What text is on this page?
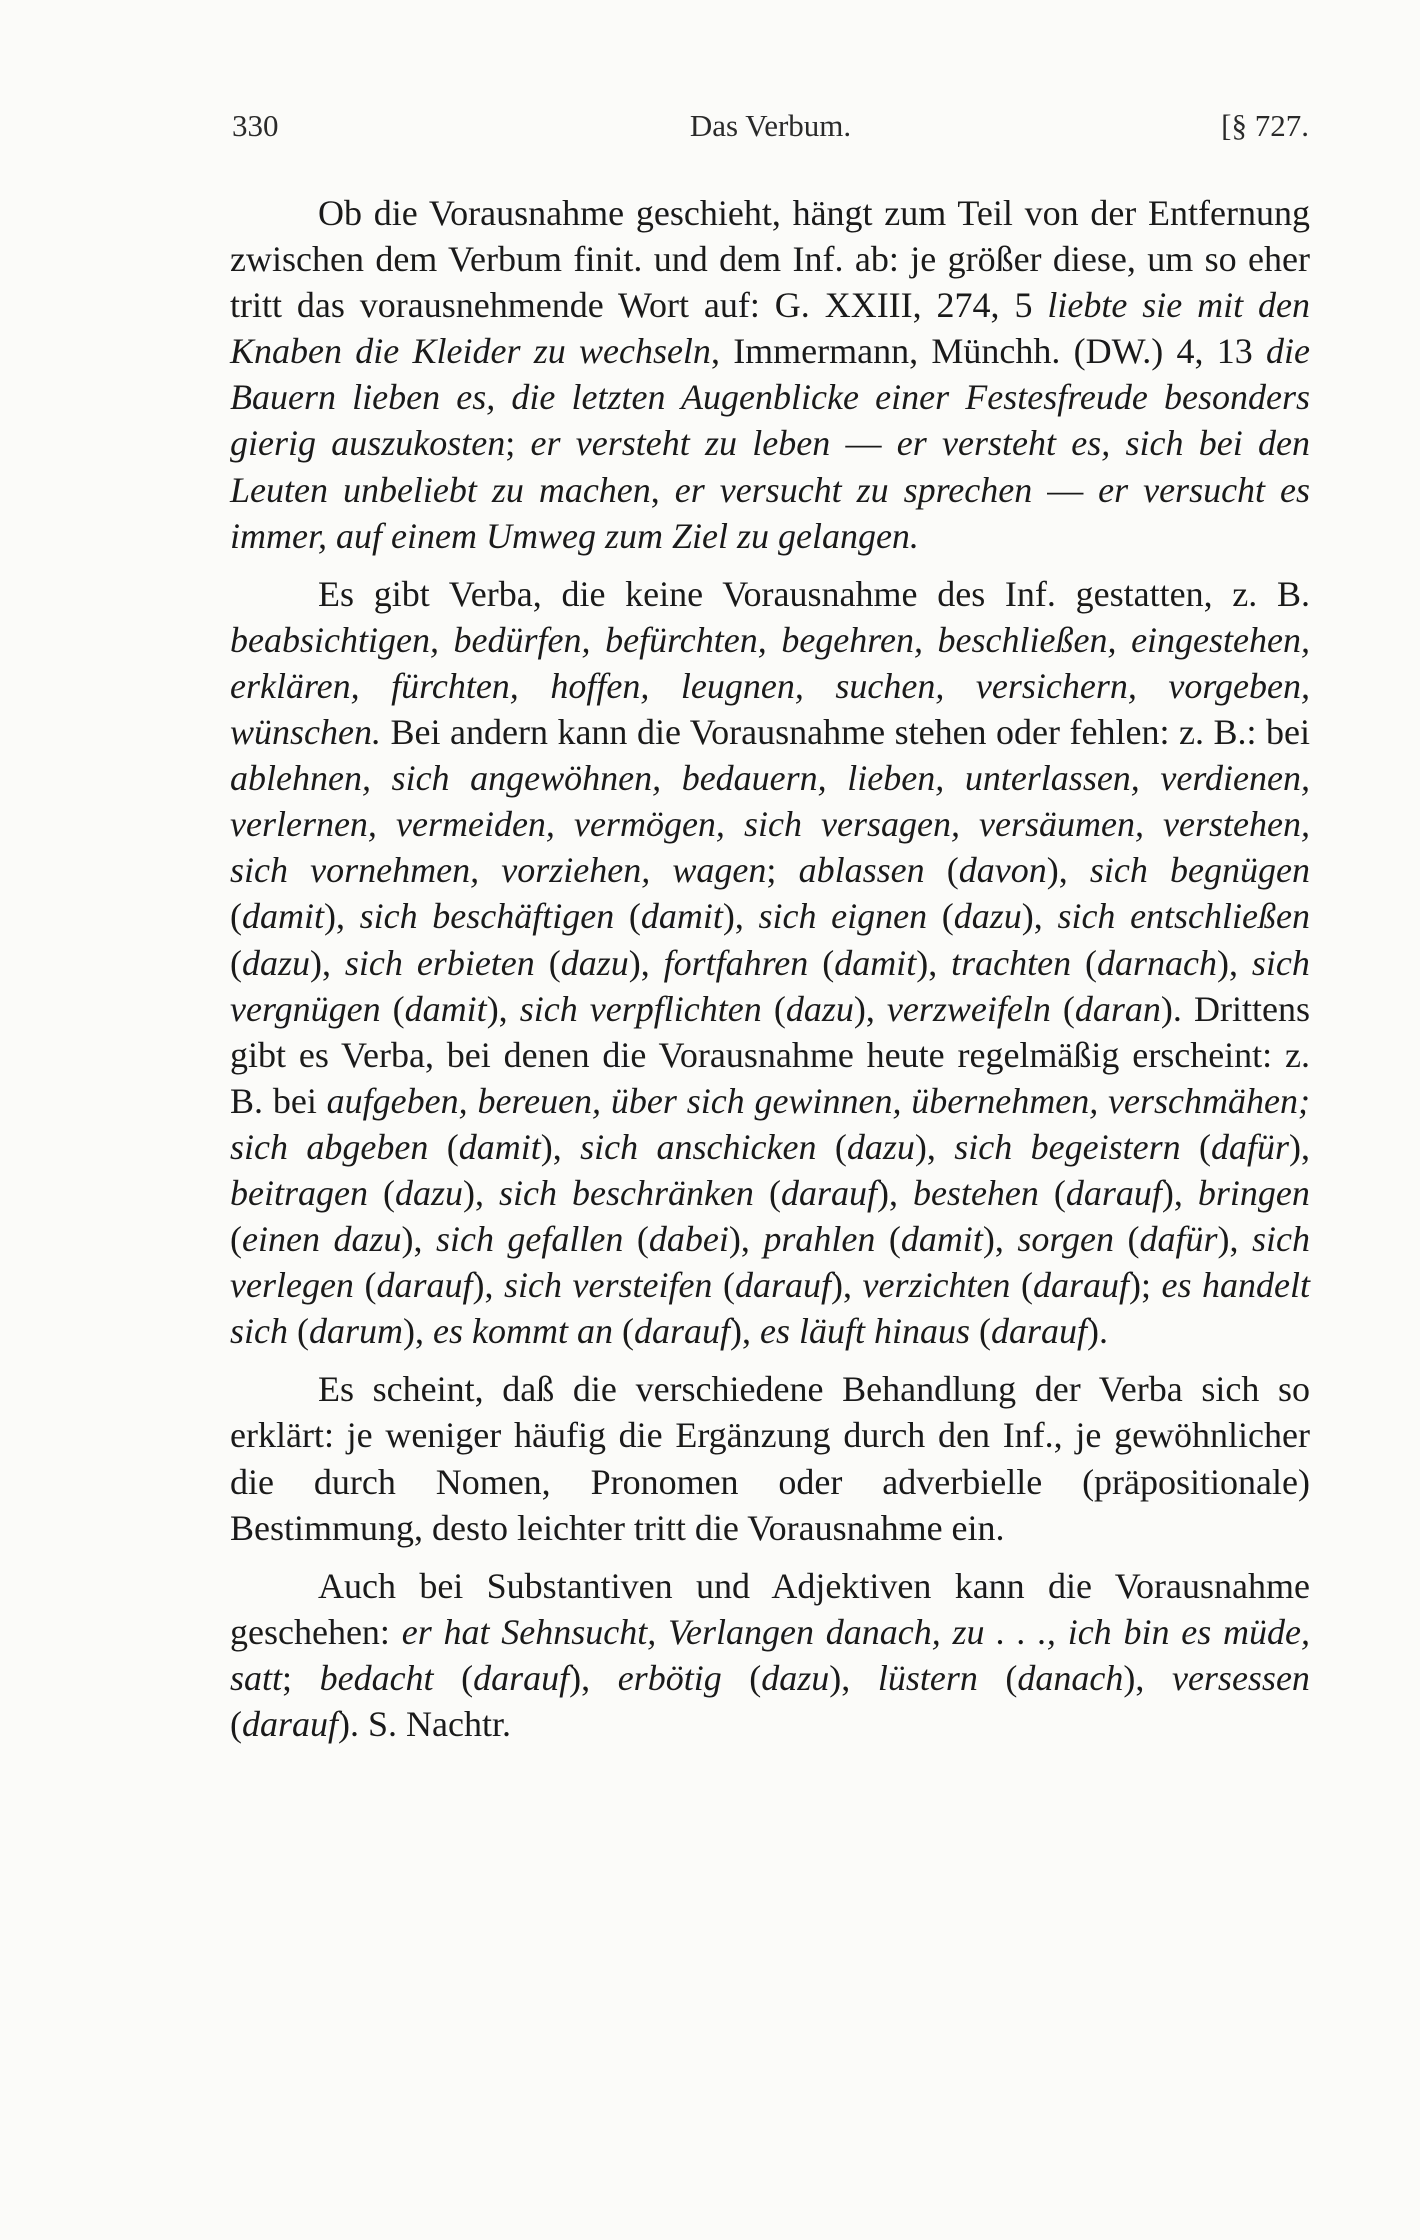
330	Das Verbum.	[§ 727.

Ob die Vorausnahme geschieht, hängt zum Teil von der Entfernung zwischen dem Verbum finit. und dem Inf. ab: je größer diese, um so eher tritt das vorausnehmende Wort auf: G. XXIII, 274, 5 liebte sie mit den Knaben die Kleider zu wechseln, Immermann, Münchh. (DW.) 4, 13 die Bauern lieben es, die letzten Augenblicke einer Festesfreude besonders gierig auszukosten; er versteht zu leben — er versteht es, sich bei den Leuten unbeliebt zu machen, er versucht zu sprechen — er versucht es immer, auf einem Umweg zum Ziel zu gelangen.

Es gibt Verba, die keine Vorausnahme des Inf. gestatten, z. B. beabsichtigen, bedürfen, befürchten, begehren, beschließen, eingestehen, erklären, fürchten, hoffen, leugnen, suchen, versichern, vorgeben, wünschen. Bei andern kann die Vorausnahme stehen oder fehlen: z. B.: bei ablehnen, sich angewöhnen, bedauern, lieben, unterlassen, verdienen, verlernen, vermeiden, vermögen, sich versagen, versäumen, verstehen, sich vornehmen, vorziehen, wagen; ablassen (davon), sich begnügen (damit), sich beschäftigen (damit), sich eignen (dazu), sich entschließen (dazu), sich erbieten (dazu), fortfahren (damit), trachten (darnach), sich vergnügen (damit), sich verpflichten (dazu), verzweifeln (daran). Drittens gibt es Verba, bei denen die Vorausnahme heute regelmäßig erscheint: z. B. bei aufgeben, bereuen, über sich gewinnen, übernehmen, verschmähen; sich abgeben (damit), sich anschicken (dazu), sich begeistern (dafür), beitragen (dazu), sich beschränken (darauf), bestehen (darauf), bringen (einen dazu), sich gefallen (dabei), prahlen (damit), sorgen (dafür), sich verlegen (darauf), sich versteifen (darauf), verzichten (darauf); es handelt sich (darum), es kommt an (darauf), es läuft hinaus (darauf).

Es scheint, daß die verschiedene Behandlung der Verba sich so erklärt: je weniger häufig die Ergänzung durch den Inf., je gewöhnlicher die durch Nomen, Pronomen oder adverbielle (präpositionale) Bestimmung, desto leichter tritt die Vorausnahme ein.

Auch bei Substantiven und Adjektiven kann die Vorausnahme geschehen: er hat Sehnsucht, Verlangen danach, zu . . ., ich bin es müde, satt; bedacht (darauf), erbötig (dazu), lüstern (danach), versessen (darauf). S. Nachtr.
